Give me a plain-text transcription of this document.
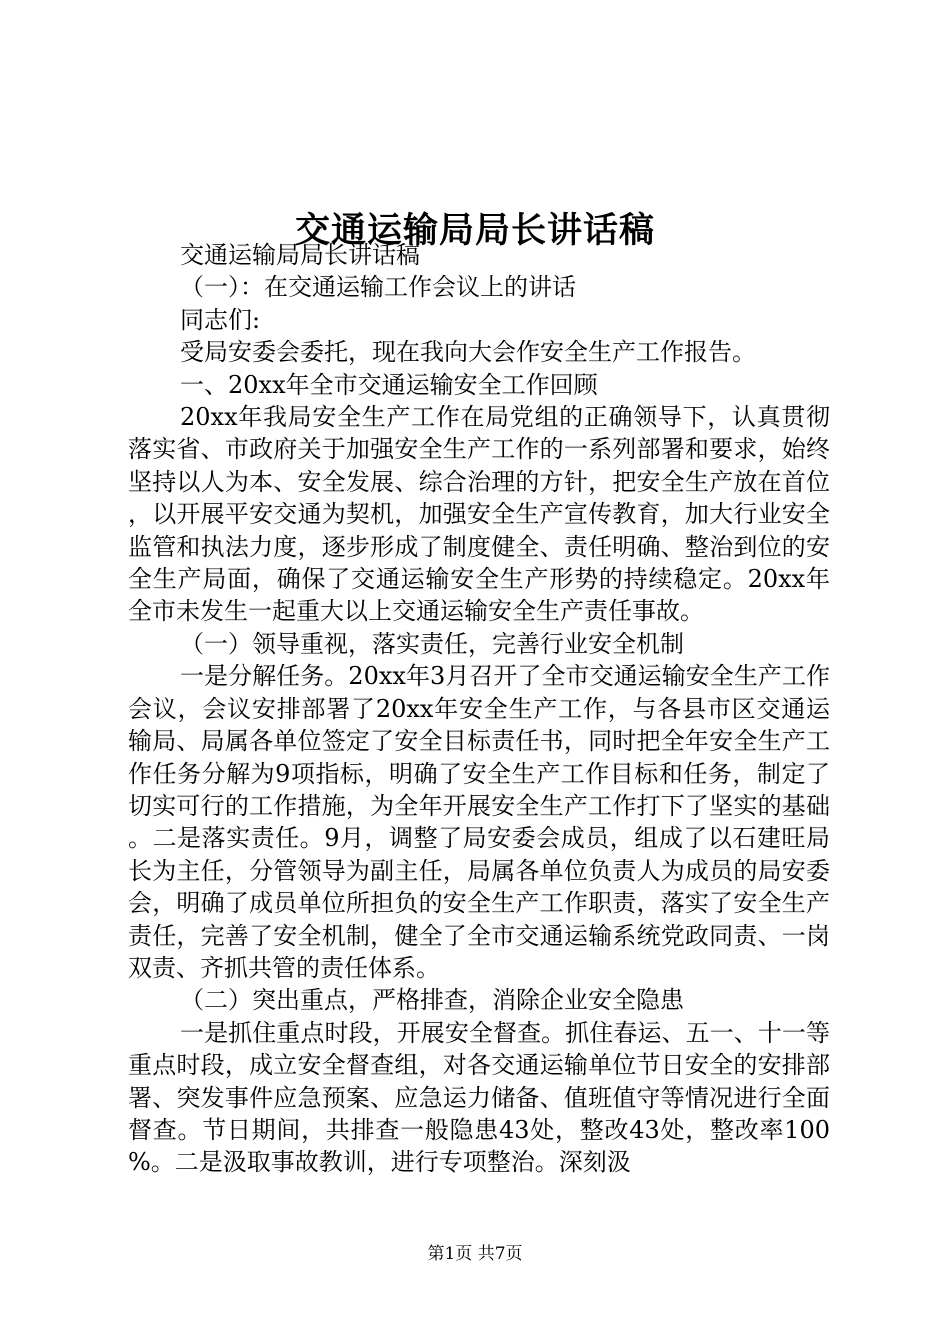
交通运输局局长讲话稿

交通运输局局长讲话稿

（一）：在交通运输工作会议上的讲话

同志们:

受局安委会委托，现在我向大会作安全生产工作报告。

一、20xx年全市交通运输安全工作回顾

20xx年我局安全生产工作在局党组的正确领导下，认真贯彻落实省、市政府关于加强安全生产工作的一系列部署和要求，始终坚持以人为本、安全发展、综合治理的方针，把安全生产放在首位，以开展平安交通为契机，加强安全生产宣传教育，加大行业安全监管和执法力度，逐步形成了制度健全、责任明确、整治到位的安全生产局面，确保了交通运输安全生产形势的持续稳定。20xx年全市未发生一起重大以上交通运输安全生产责任事故。

（一）领导重视，落实责任，完善行业安全机制

一是分解任务。20xx年3月召开了全市交通运输安全生产工作会议，会议安排部署了20xx年安全生产工作，与各县市区交通运输局、局属各单位签定了安全目标责任书，同时把全年安全生产工作任务分解为9项指标，明确了安全生产工作目标和任务，制定了切实可行的工作措施，为全年开展安全生产工作打下了坚实的基础。二是落实责任。9月，调整了局安委会成员，组成了以石建旺局长为主任，分管领导为副主任，局属各单位负责人为成员的局安委会，明确了成员单位所担负的安全生产工作职责，落实了安全生产责任，完善了安全机制，健全了全市交通运输系统党政同责、一岗双责、齐抓共管的责任体系。

（二）突出重点，严格排查，消除企业安全隐患

一是抓住重点时段，开展安全督查。抓住春运、五一、十一等重点时段，成立安全督查组，对各交通运输单位节日安全的安排部署、突发事件应急预案、应急运力储备、值班值守等情况进行全面督查。节日期间，共排查一般隐患43处，整改43处，整改率100%。二是汲取事故教训，进行专项整治。深刻汲

第1页 共7页
